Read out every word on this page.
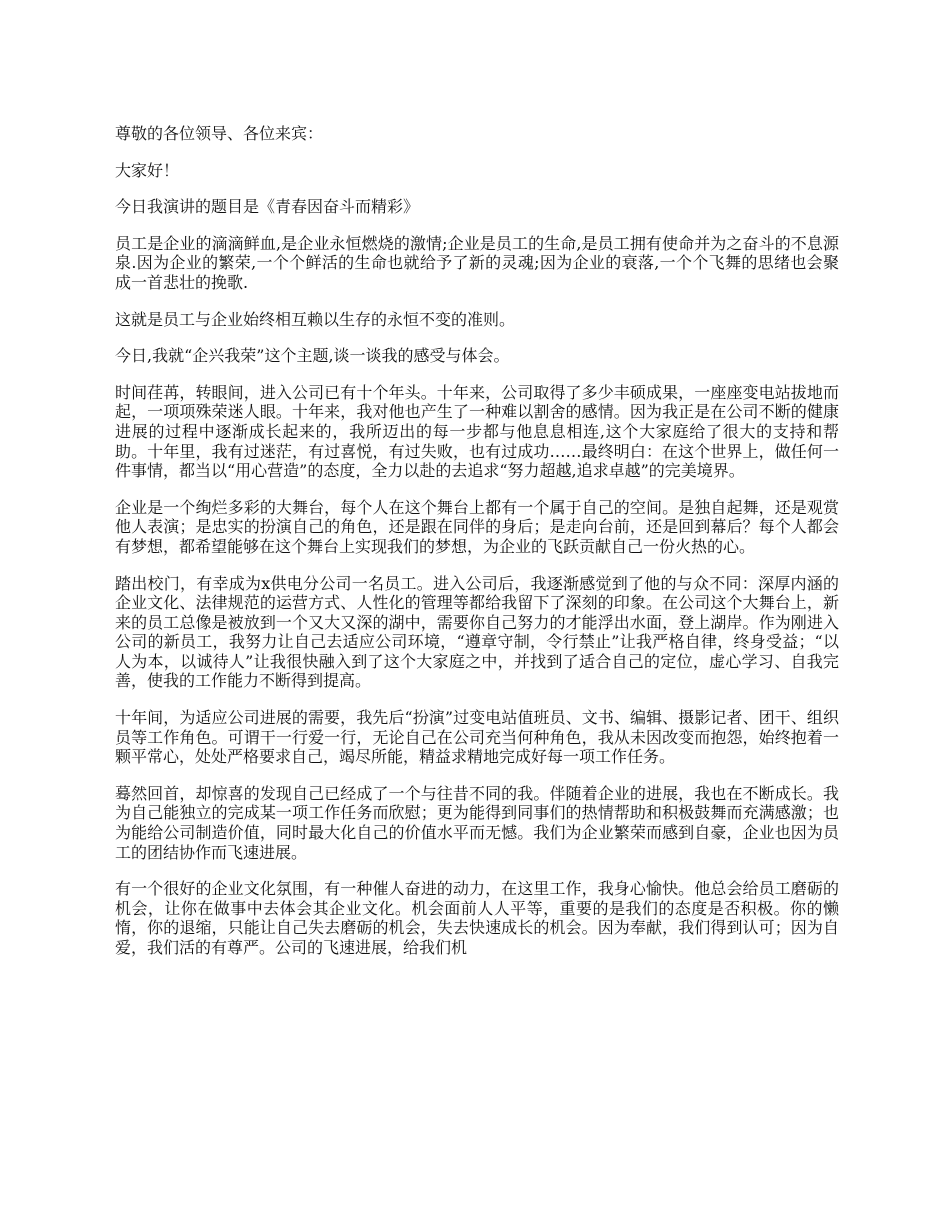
尊敬的各位领导、各位来宾：

大家好！

今日我演讲的题目是《青春因奋斗而精彩》

员工是企业的滴滴鲜血,是企业永恒燃烧的激情;企业是员工的生命,是员工拥有使命并为之奋斗的不息源泉.因为企业的繁荣,一个个鲜活的生命也就给予了新的灵魂;因为企业的衰落,一个个飞舞的思绪也会聚成一首悲壮的挽歌.

这就是员工与企业始终相互赖以生存的永恒不变的准则。

今日,我就“企兴我荣”这个主题,谈一谈我的感受与体会。

时间荏苒，转眼间，进入公司已有十个年头。十年来，公司取得了多少丰硕成果，一座座变电站拔地而起，一项项殊荣迷人眼。十年来，我对他也产生了一种难以割舍的感情。因为我正是在公司不断的健康进展的过程中逐渐成长起来的，我所迈出的每一步都与他息息相连,这个大家庭给了很大的支持和帮助。十年里，我有过迷茫，有过喜悦，有过失败，也有过成功……最终明白：在这个世界上，做任何一件事情，都当以“用心营造”的态度，全力以赴的去追求“努力超越,追求卓越”的完美境界。

企业是一个绚烂多彩的大舞台，每个人在这个舞台上都有一个属于自己的空间。是独自起舞，还是观赏他人表演；是忠实的扮演自己的角色，还是跟在同伴的身后；是走向台前，还是回到幕后？每个人都会有梦想，都希望能够在这个舞台上实现我们的梦想，为企业的飞跃贡献自己一份火热的心。

踏出校门，有幸成为x供电分公司一名员工。进入公司后，我逐渐感觉到了他的与众不同：深厚内涵的企业文化、法律规范的运营方式、人性化的管理等都给我留下了深刻的印象。在公司这个大舞台上，新来的员工总像是被放到一个又大又深的湖中，需要你自己努力的才能浮出水面，登上湖岸。作为刚进入公司的新员工，我努力让自己去适应公司环境，“遵章守制，令行禁止”让我严格自律，终身受益；“以人为本，以诚待人”让我很快融入到了这个大家庭之中，并找到了适合自己的定位，虚心学习、自我完善，使我的工作能力不断得到提高。

十年间，为适应公司进展的需要，我先后“扮演”过变电站值班员、文书、编辑、摄影记者、团干、组织员等工作角色。可谓干一行爱一行，无论自己在公司充当何种角色，我从未因改变而抱怨，始终抱着一颗平常心，处处严格要求自己，竭尽所能，精益求精地完成好每一项工作任务。

蓦然回首，却惊喜的发现自己已经成了一个与往昔不同的我。伴随着企业的进展，我也在不断成长。我为自己能独立的完成某一项工作任务而欣慰；更为能得到同事们的热情帮助和积极鼓舞而充满感激；也为能给公司制造价值，同时最大化自己的价值水平而无憾。我们为企业繁荣而感到自豪，企业也因为员工的团结协作而飞速进展。

有一个很好的企业文化氛围，有一种催人奋进的动力，在这里工作，我身心愉快。他总会给员工磨砺的机会，让你在做事中去体会其企业文化。机会面前人人平等，重要的是我们的态度是否积极。你的懒惰，你的退缩，只能让自己失去磨砺的机会，失去快速成长的机会。因为奉献，我们得到认可；因为自爱，我们活的有尊严。公司的飞速进展，给我们机
